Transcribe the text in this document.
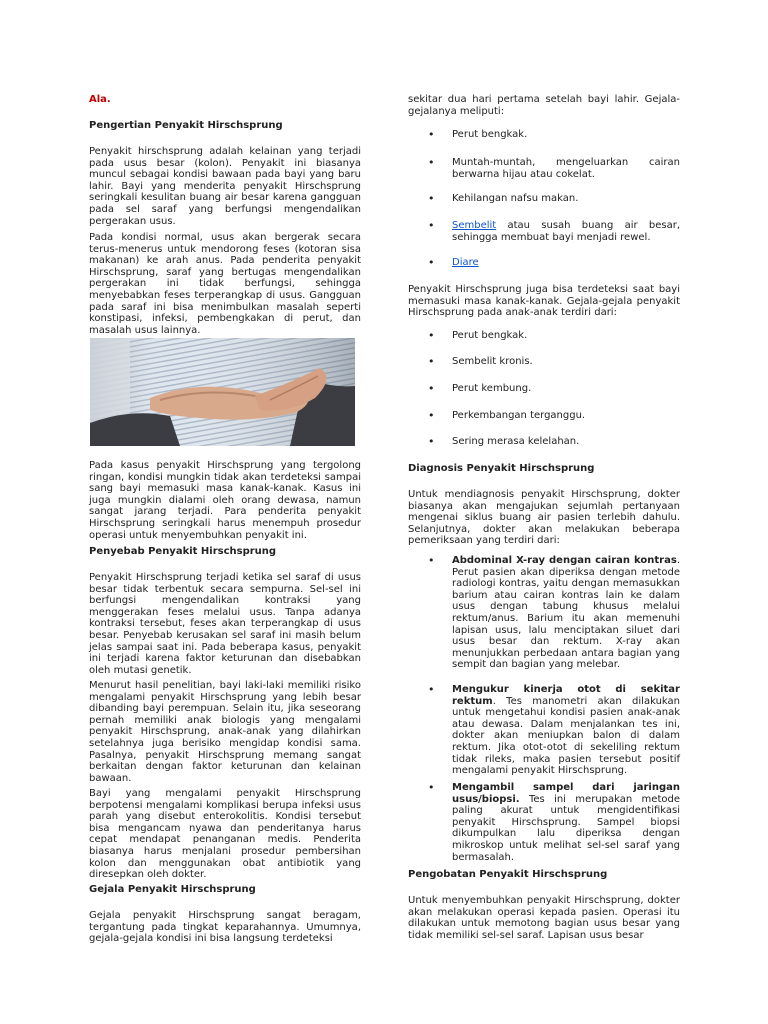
Ala.
Pengertian Penyakit Hirschsprung
Penyakit hirschsprung adalah kelainan yang terjadi pada usus besar (kolon). Penyakit ini biasanya muncul sebagai kondisi bawaan pada bayi yang baru lahir. Bayi yang menderita penyakit Hirschsprung seringkali kesulitan buang air besar karena gangguan pada sel saraf yang berfungsi mengendalikan pergerakan usus.
Pada kondisi normal, usus akan bergerak secara terus-menerus untuk mendorong feses (kotoran sisa makanan) ke arah anus. Pada penderita penyakit Hirschsprung, saraf yang bertugas mengendalikan pergerakan ini tidak berfungsi, sehingga menyebabkan feses terperangkap di usus. Gangguan pada saraf ini bisa menimbulkan masalah seperti konstipasi, infeksi, pembengkakan di perut, dan masalah usus lainnya.
Pada kasus penyakit Hirschsprung yang tergolong ringan, kondisi mungkin tidak akan terdeteksi sampai sang bayi memasuki masa kanak-kanak. Kasus ini juga mungkin dialami oleh orang dewasa, namun sangat jarang terjadi. Para penderita penyakit Hirschsprung seringkali harus menempuh prosedur operasi untuk menyembuhkan penyakit ini.
Penyebab Penyakit Hirschsprung
Penyakit Hirschsprung terjadi ketika sel saraf di usus besar tidak terbentuk secara sempurna. Sel-sel ini berfungsi mengendalikan kontraksi yang menggerakan feses melalui usus. Tanpa adanya kontraksi tersebut, feses akan terperangkap di usus besar. Penyebab kerusakan sel saraf ini masih belum jelas sampai saat ini. Pada beberapa kasus, penyakit ini terjadi karena faktor keturunan dan disebabkan oleh mutasi genetik.
Menurut hasil penelitian, bayi laki-laki memiliki risiko mengalami penyakit Hirschsprung yang lebih besar dibanding bayi perempuan. Selain itu, jika seseorang pernah memiliki anak biologis yang mengalami penyakit Hirschsprung, anak-anak yang dilahirkan setelahnya juga berisiko mengidap kondisi sama. Pasalnya, penyakit Hirschsprung memang sangat berkaitan dengan faktor keturunan dan kelainan bawaan.
Bayi yang mengalami penyakit Hirschsprung berpotensi mengalami komplikasi berupa infeksi usus parah yang disebut enterokolitis. Kondisi tersebut bisa mengancam nyawa dan penderitanya harus cepat mendapat penanganan medis. Penderita biasanya harus menjalani prosedur pembersihan kolon dan menggunakan obat antibiotik yang diresepkan oleh dokter.
Gejala Penyakit Hirschsprung
Gejala penyakit Hirschsprung sangat beragam, tergantung pada tingkat keparahannya. Umumnya, gejala-gejala kondisi ini bisa langsung terdeteksi
sekitar dua hari pertama setelah bayi lahir. Gejala-gejalanya meliputi:
• Perut bengkak.
• Muntah-muntah, mengeluarkan cairan berwarna hijau atau cokelat.
• Kehilangan nafsu makan.
• Sembelit atau susah buang air besar, sehingga membuat bayi menjadi rewel.
• Diare
Penyakit Hirschsprung juga bisa terdeteksi saat bayi memasuki masa kanak-kanak. Gejala-gejala penyakit Hirschsprung pada anak-anak terdiri dari:
• Perut bengkak.
• Sembelit kronis.
• Perut kembung.
• Perkembangan terganggu.
• Sering merasa kelelahan.
Diagnosis Penyakit Hirschsprung
Untuk mendiagnosis penyakit Hirschsprung, dokter biasanya akan mengajukan sejumlah pertanyaan mengenai siklus buang air pasien terlebih dahulu. Selanjutnya, dokter akan melakukan beberapa pemeriksaan yang terdiri dari:
• Abdominal X-ray dengan cairan kontras. Perut pasien akan diperiksa dengan metode radiologi kontras, yaitu dengan memasukkan barium atau cairan kontras lain ke dalam usus dengan tabung khusus melalui rektum/anus. Barium itu akan memenuhi lapisan usus, lalu menciptakan siluet dari usus besar dan rektum. X-ray akan menunjukkan perbedaan antara bagian yang sempit dan bagian yang melebar.
• Mengukur kinerja otot di sekitar rektum. Tes manometri akan dilakukan untuk mengetahui kondisi pasien anak-anak atau dewasa. Dalam menjalankan tes ini, dokter akan meniupkan balon di dalam rektum. Jika otot-otot di sekeliling rektum tidak rileks, maka pasien tersebut positif mengalami penyakit Hirschsprung.
• Mengambil sampel dari jaringan usus/biopsi. Tes ini merupakan metode paling akurat untuk mengidentifikasi penyakit Hirschsprung. Sampel biopsi dikumpulkan lalu diperiksa dengan mikroskop untuk melihat sel-sel saraf yang bermasalah.
Pengobatan Penyakit Hirschsprung
Untuk menyembuhkan penyakit Hirschsprung, dokter akan melakukan operasi kepada pasien. Operasi itu dilakukan untuk memotong bagian usus besar yang tidak memiliki sel-sel saraf. Lapisan usus besar
